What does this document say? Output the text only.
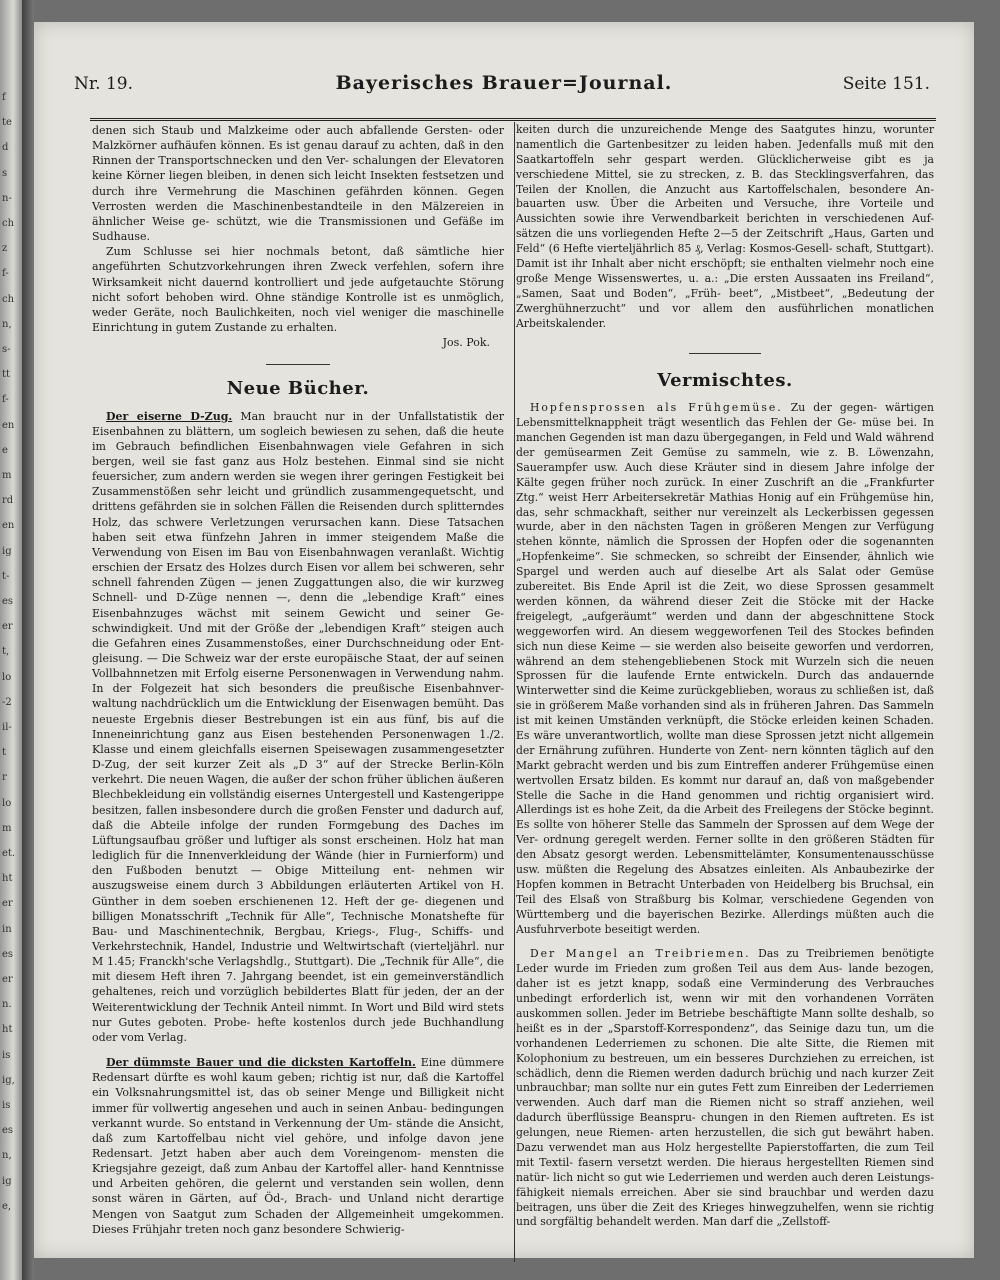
f
te
d
s
n-
ch
z
f-
ch
n,
s-
tt
f-
en
e
m
rd
en
ig
t-
es
er
t,
lo
-2
il-
t
r
lo
m
et.
ht
er
in
es
er
n.
ht
is
ig,
is
es
n,
ig
e,
Nr. 19.	Bayerisches Brauer=Journal.	Seite 151.

denen sich Staub und Malzkeime oder auch abfallende Gersten- oder Malzkörner aufhäufen können. Es ist genau darauf zu achten, daß in den Rinnen der Transportschnecken und den Ver- schalungen der Elevatoren keine Körner liegen bleiben, in denen sich leicht Insekten festsetzen und durch ihre Vermehrung die Maschinen gefährden können. Gegen Verrosten werden die Maschinenbestandteile in den Mälzereien in ähnlicher Weise ge- schützt, wie die Transmissionen und Gefäße im Sudhause.

Zum Schlusse sei hier nochmals betont, daß sämtliche hier angeführten Schutzvorkehrungen ihren Zweck verfehlen, sofern ihre Wirksamkeit nicht dauernd kontrolliert und jede aufgetauchte Störung nicht sofort behoben wird. Ohne ständige Kontrolle ist es unmöglich, weder Geräte, noch Baulichkeiten, noch viel weniger die maschinelle Einrichtung in gutem Zustande zu erhalten.

Jos. Pok.

Neue Bücher.

Der eiserne D-Zug. Man braucht nur in der Unfallstatistik der Eisenbahnen zu blättern, um sogleich bewiesen zu sehen, daß die heute im Gebrauch befindlichen Eisenbahnwagen viele Gefahren in sich bergen, weil sie fast ganz aus Holz bestehen. Einmal sind sie nicht feuersicher, zum andern werden sie wegen ihrer geringen Festigkeit bei Zusammenstößen sehr leicht und gründlich zusammengequetscht, und drittens gefährden sie in solchen Fällen die Reisenden durch splitterndes Holz, das schwere Verletzungen verursachen kann. Diese Tatsachen haben seit etwa fünfzehn Jahren in immer steigendem Maße die Verwendung von Eisen im Bau von Eisenbahnwagen veranlaßt. Wichtig erschien der Ersatz des Holzes durch Eisen vor allem bei schweren, sehr schnell fahrenden Zügen — jenen Zuggattungen also, die wir kurzweg Schnell- und D-Züge nennen —, denn die „lebendige Kraft“ eines Eisenbahnzuges wächst mit seinem Gewicht und seiner Ge- schwindigkeit. Und mit der Größe der „lebendigen Kraft“ steigen auch die Gefahren eines Zusammenstoßes, einer Durchschneidung oder Ent- gleisung. — Die Schweiz war der erste europäische Staat, der auf seinen Vollbahnnetzen mit Erfolg eiserne Personenwagen in Verwendung nahm. In der Folgezeit hat sich besonders die preußische Eisenbahnver- waltung nachdrücklich um die Entwicklung der Eisenwagen bemüht. Das neueste Ergebnis dieser Bestrebungen ist ein aus fünf, bis auf die Inneneinrichtung ganz aus Eisen bestehenden Personenwagen 1./2. Klasse und einem gleichfalls eisernen Speisewagen zusammengesetzter D-Zug, der seit kurzer Zeit als „D 3“ auf der Strecke Berlin-Köln verkehrt. Die neuen Wagen, die außer der schon früher üblichen äußeren Blechbekleidung ein vollständig eisernes Untergestell und Kastengerippe besitzen, fallen insbesondere durch die großen Fenster und dadurch auf, daß die Abteile infolge der runden Formgebung des Daches im Lüftungsaufbau größer und luftiger als sonst erscheinen. Holz hat man lediglich für die Innenverkleidung der Wände (hier in Furnierform) und den Fußboden benutzt — Obige Mitteilung ent- nehmen wir auszugsweise einem durch 3 Abbildungen erläuterten Artikel von H. Günther in dem soeben erschienenen 12. Heft der ge- diegenen und billigen Monatsschrift „Technik für Alle“, Technische Monatshefte für Bau- und Maschinentechnik, Bergbau, Kriegs-, Flug-, Schiffs- und Verkehrstechnik, Handel, Industrie und Weltwirtschaft (vierteljährl. nur M 1.45; Franckh'sche Verlagshdlg., Stuttgart). Die „Technik für Alle“, die mit diesem Heft ihren 7. Jahrgang beendet, ist ein gemeinverständlich gehaltenes, reich und vorzüglich bebildertes Blatt für jeden, der an der Weiterentwicklung der Technik Anteil nimmt. In Wort und Bild wird stets nur Gutes geboten. Probe- hefte kostenlos durch jede Buchhandlung oder vom Verlag.

Der dümmste Bauer und die dicksten Kartoffeln. Eine dümmere Redensart dürfte es wohl kaum geben; richtig ist nur, daß die Kartoffel ein Volksnahrungsmittel ist, das ob seiner Menge und Billigkeit nicht immer für vollwertig angesehen und auch in seinen Anbau- bedingungen verkannt wurde. So entstand in Verkennung der Um- stände die Ansicht, daß zum Kartoffelbau nicht viel gehöre, und infolge davon jene Redensart. Jetzt haben aber auch dem Voreingenom- mensten die Kriegsjahre gezeigt, daß zum Anbau der Kartoffel aller- hand Kenntnisse und Arbeiten gehören, die gelernt und verstanden sein wollen, denn sonst wären in Gärten, auf Öd-, Brach- und Unland nicht derartige Mengen von Saatgut zum Schaden der Allgemeinheit umgekommen. Dieses Frühjahr treten noch ganz besondere Schwierig-

keiten durch die unzureichende Menge des Saatgutes hinzu, worunter namentlich die Gartenbesitzer zu leiden haben. Jedenfalls muß mit den Saatkartoffeln sehr gespart werden. Glücklicherweise gibt es ja verschiedene Mittel, sie zu strecken, z. B. das Stecklingsverfahren, das Teilen der Knollen, die Anzucht aus Kartoffelschalen, besondere An- bauarten usw. Über die Arbeiten und Versuche, ihre Vorteile und Aussichten sowie ihre Verwendbarkeit berichten in verschiedenen Auf- sätzen die uns vorliegenden Hefte 2—5 der Zeitschrift „Haus, Garten und Feld“ (6 Hefte vierteljährlich 85 ₰, Verlag: Kosmos-Gesell- schaft, Stuttgart). Damit ist ihr Inhalt aber nicht erschöpft; sie enthalten vielmehr noch eine große Menge Wissenswertes, u. a.: „Die ersten Aussaaten ins Freiland“, „Samen, Saat und Boden“, „Früh- beet“, „Mistbeet“, „Bedeutung der Zwerghühnerzucht“ und vor allem den ausführlichen monatlichen Arbeitskalender.

Vermischtes.

Hopfensprossen als Frühgemüse. Zu der gegen- wärtigen Lebensmittelknappheit trägt wesentlich das Fehlen der Ge- müse bei. In manchen Gegenden ist man dazu übergegangen, in Feld und Wald während der gemüsearmen Zeit Gemüse zu sammeln, wie z. B. Löwenzahn, Sauerampfer usw. Auch diese Kräuter sind in diesem Jahre infolge der Kälte gegen früher noch zurück. In einer Zuschrift an die „Frankfurter Ztg.“ weist Herr Arbeitersekretär Mathias Honig auf ein Frühgemüse hin, das, sehr schmackhaft, seither nur vereinzelt als Leckerbissen gegessen wurde, aber in den nächsten Tagen in größeren Mengen zur Verfügung stehen könnte, nämlich die Sprossen der Hopfen oder die sogenannten „Hopfenkeime“. Sie schmecken, so schreibt der Einsender, ähnlich wie Spargel und werden auch auf dieselbe Art als Salat oder Gemüse zubereitet. Bis Ende April ist die Zeit, wo diese Sprossen gesammelt werden können, da während dieser Zeit die Stöcke mit der Hacke freigelegt, „aufgeräumt“ werden und dann der abgeschnittene Stock weggeworfen wird. An diesem weggeworfenen Teil des Stockes befinden sich nun diese Keime — sie werden also beiseite geworfen und verdorren, während an dem stehengebliebenen Stock mit Wurzeln sich die neuen Sprossen für die laufende Ernte entwickeln. Durch das andauernde Winterwetter sind die Keime zurückgeblieben, woraus zu schließen ist, daß sie in größerem Maße vorhanden sind als in früheren Jahren. Das Sammeln ist mit keinen Umständen verknüpft, die Stöcke erleiden keinen Schaden. Es wäre unverantwortlich, wollte man diese Sprossen jetzt nicht allgemein der Ernährung zuführen. Hunderte von Zent- nern könnten täglich auf den Markt gebracht werden und bis zum Eintreffen anderer Frühgemüse einen wertvollen Ersatz bilden. Es kommt nur darauf an, daß von maßgebender Stelle die Sache in die Hand genommen und richtig organisiert wird. Allerdings ist es hohe Zeit, da die Arbeit des Freilegens der Stöcke beginnt. Es sollte von höherer Stelle das Sammeln der Sprossen auf dem Wege der Ver- ordnung geregelt werden. Ferner sollte in den größeren Städten für den Absatz gesorgt werden. Lebensmittelämter, Konsumentenausschüsse usw. müßten die Regelung des Absatzes einleiten. Als Anbaubezirke der Hopfen kommen in Betracht Unterbaden von Heidelberg bis Bruchsal, ein Teil des Elsaß von Straßburg bis Kolmar, verschiedene Gegenden von Württemberg und die bayerischen Bezirke. Allerdings müßten auch die Ausfuhrverbote beseitigt werden.

Der Mangel an Treibriemen. Das zu Treibriemen benötigte Leder wurde im Frieden zum großen Teil aus dem Aus- lande bezogen, daher ist es jetzt knapp, sodaß eine Verminderung des Verbrauches unbedingt erforderlich ist, wenn wir mit den vorhandenen Vorräten auskommen sollen. Jeder im Betriebe beschäftigte Mann sollte deshalb, so heißt es in der „Sparstoff-Korrespondenz“, das Seinige dazu tun, um die vorhandenen Lederriemen zu schonen. Die alte Sitte, die Riemen mit Kolophonium zu bestreuen, um ein besseres Durchziehen zu erreichen, ist schädlich, denn die Riemen werden dadurch brüchig und nach kurzer Zeit unbrauchbar; man sollte nur ein gutes Fett zum Einreiben der Lederriemen verwenden. Auch darf man die Riemen nicht so straff anziehen, weil dadurch überflüssige Beanspru- chungen in den Riemen auftreten. Es ist gelungen, neue Riemen- arten herzustellen, die sich gut bewährt haben. Dazu verwendet man aus Holz hergestellte Papierstoffarten, die zum Teil mit Textil- fasern versetzt werden. Die hieraus hergestellten Riemen sind natür- lich nicht so gut wie Lederriemen und werden auch deren Leistungs- fähigkeit niemals erreichen. Aber sie sind brauchbar und werden dazu beitragen, uns über die Zeit des Krieges hinwegzuhelfen, wenn sie richtig und sorgfältig behandelt werden. Man darf die „Zellstoff-
